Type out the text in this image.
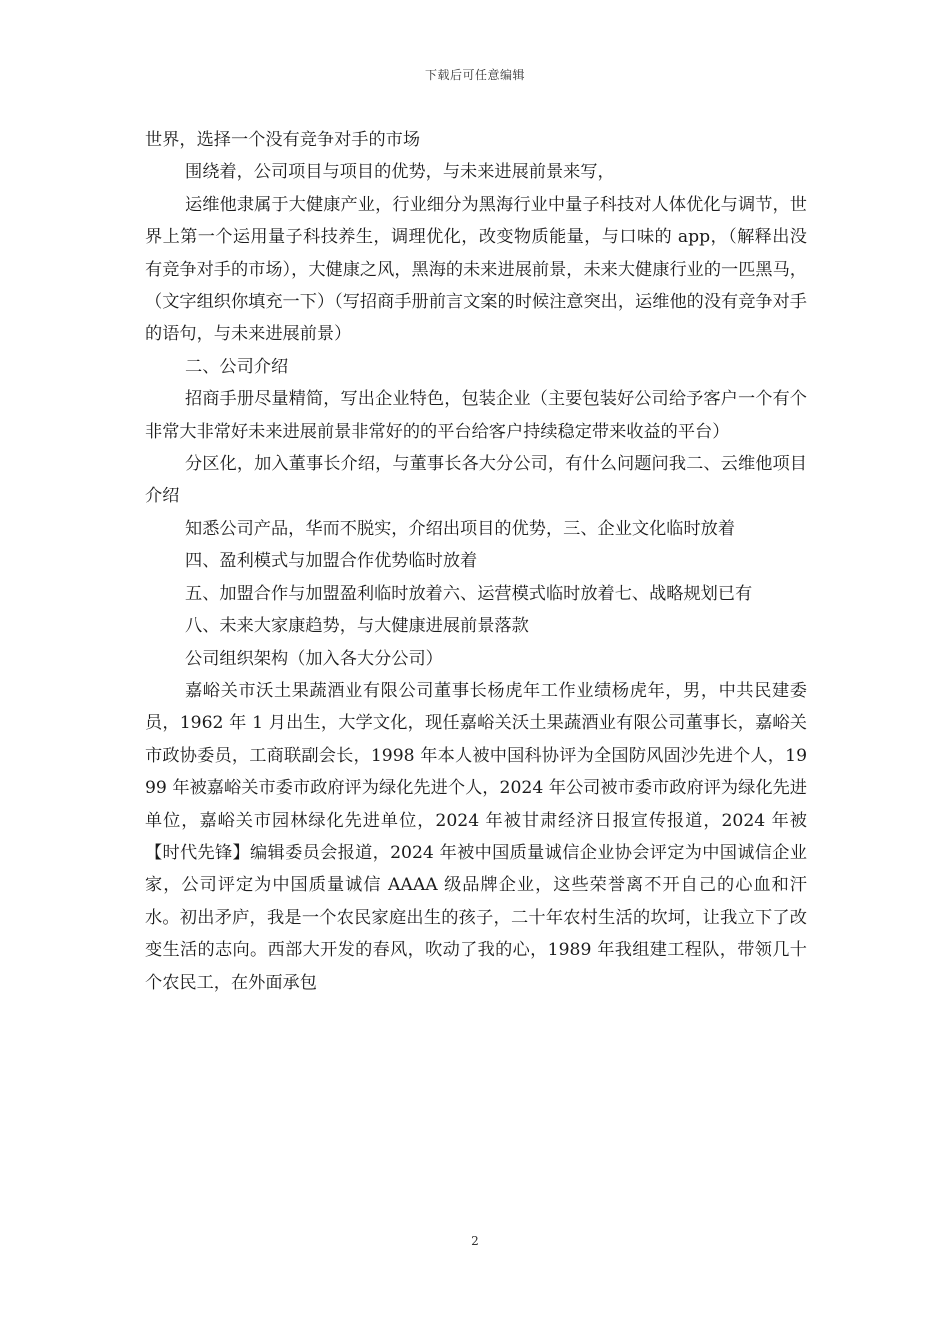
下载后可任意编辑

世界，选择一个没有竞争对手的市场

围绕着，公司项目与项目的优势，与未来进展前景来写，

运维他隶属于大健康产业，行业细分为黑海行业中量子科技对人体优化与调节，世界上第一个运用量子科技养生，调理优化，改变物质能量，与口味的 app，（解释出没有竞争对手的市场），大健康之风，黑海的未来进展前景，未来大健康行业的一匹黑马，（文字组织你填充一下）（写招商手册前言文案的时候注意突出，运维他的没有竞争对手的语句，与未来进展前景）

二、公司介绍

招商手册尽量精简，写出企业特色，包装企业（主要包装好公司给予客户一个有个非常大非常好未来进展前景非常好的的平台给客户持续稳定带来收益的平台）

分区化，加入董事长介绍，与董事长各大分公司，有什么问题问我二、云维他项目介绍

知悉公司产品，华而不脱实，介绍出项目的优势，三、企业文化临时放着

四、盈利模式与加盟合作优势临时放着

五、加盟合作与加盟盈利临时放着六、运营模式临时放着七、战略规划已有

八、未来大家康趋势，与大健康进展前景落款

公司组织架构（加入各大分公司）

嘉峪关市沃土果蔬酒业有限公司董事长杨虎年工作业绩杨虎年，男，中共民建委员，1962 年 1 月出生，大学文化，现任嘉峪关沃土果蔬酒业有限公司董事长，嘉峪关市政协委员，工商联副会长，1998 年本人被中国科协评为全国防风固沙先进个人，1999 年被嘉峪关市委市政府评为绿化先进个人，2024 年公司被市委市政府评为绿化先进单位，嘉峪关市园林绿化先进单位，2024 年被甘肃经济日报宣传报道，2024 年被【时代先锋】编辑委员会报道，2024 年被中国质量诚信企业协会评定为中国诚信企业家，公司评定为中国质量诚信 AAAA 级品牌企业，这些荣誉离不开自己的心血和汗水。初出矛庐，我是一个农民家庭出生的孩子，二十年农村生活的坎坷，让我立下了改变生活的志向。西部大开发的春风，吹动了我的心，1989 年我组建工程队，带领几十个农民工，在外面承包

2
